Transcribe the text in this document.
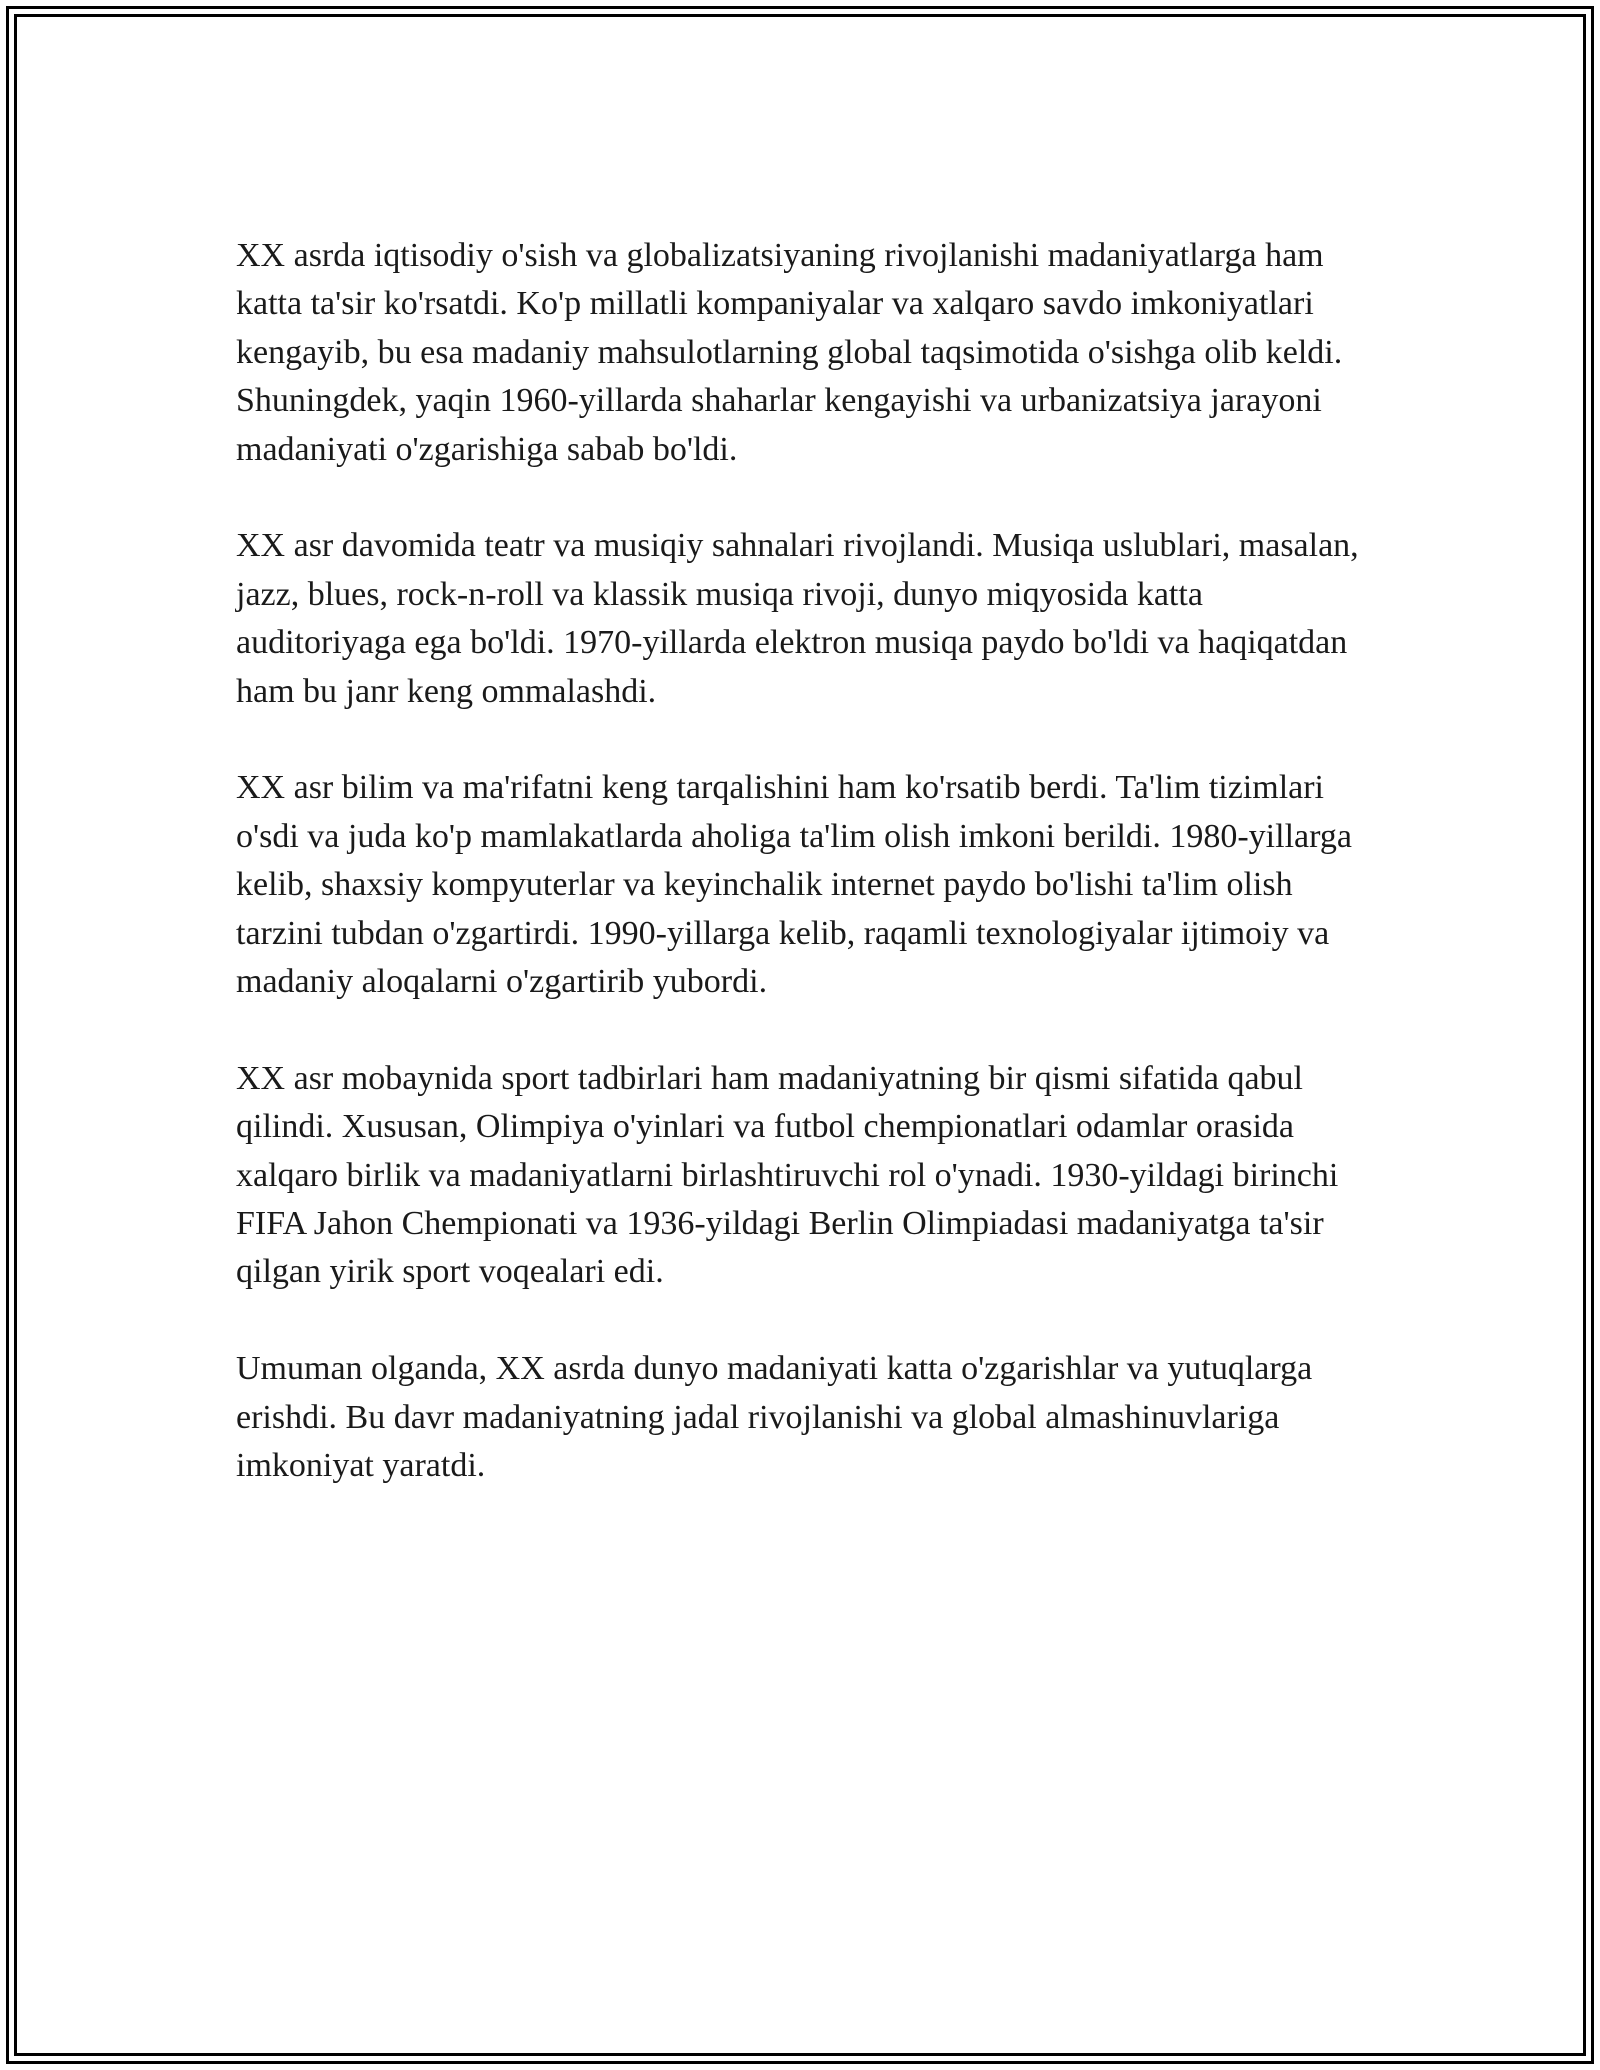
XX asrda iqtisodiy o'sish va globalizatsiyaning rivojlanishi madaniyatlarga ham katta ta'sir ko'rsatdi. Ko'p millatli kompaniyalar va xalqaro savdo imkoniyatlari kengayib, bu esa madaniy mahsulotlarning global taqsimotida o'sishga olib keldi. Shuningdek, yaqin 1960-yillarda shaharlar kengayishi va urbanizatsiya jarayoni madaniyati o'zgarishiga sabab bo'ldi.

XX asr davomida teatr va musiqiy sahnalari rivojlandi. Musiqa uslublari, masalan, jazz, blues, rock-n-roll va klassik musiqa rivoji, dunyo miqyosida katta auditoriyaga ega bo'ldi. 1970-yillarda elektron musiqa paydo bo'ldi va haqiqatdan ham bu janr keng ommalashdi.

XX asr bilim va ma'rifatni keng tarqalishini ham ko'rsatib berdi. Ta'lim tizimlari o'sdi va juda ko'p mamlakatlarda aholiga ta'lim olish imkoni berildi. 1980-yillarga kelib, shaxsiy kompyuterlar va keyinchalik internet paydo bo'lishi ta'lim olish tarzini tubdan o'zgartirdi. 1990-yillarga kelib, raqamli texnologiyalar ijtimoiy va madaniy aloqalarni o'zgartirib yubordi.

XX asr mobaynida sport tadbirlari ham madaniyatning bir qismi sifatida qabul qilindi. Xususan, Olimpiya o'yinlari va futbol chempionatlari odamlar orasida xalqaro birlik va madaniyatlarni birlashtiruvchi rol o'ynadi. 1930-yildagi birinchi FIFA Jahon Chempionati va 1936-yildagi Berlin Olimpiadasi madaniyatga ta'sir qilgan yirik sport voqealari edi.

Umuman olganda, XX asrda dunyo madaniyati katta o'zgarishlar va yutuqlarga erishdi. Bu davr madaniyatning jadal rivojlanishi va global almashinuvlariga imkoniyat yaratdi.
